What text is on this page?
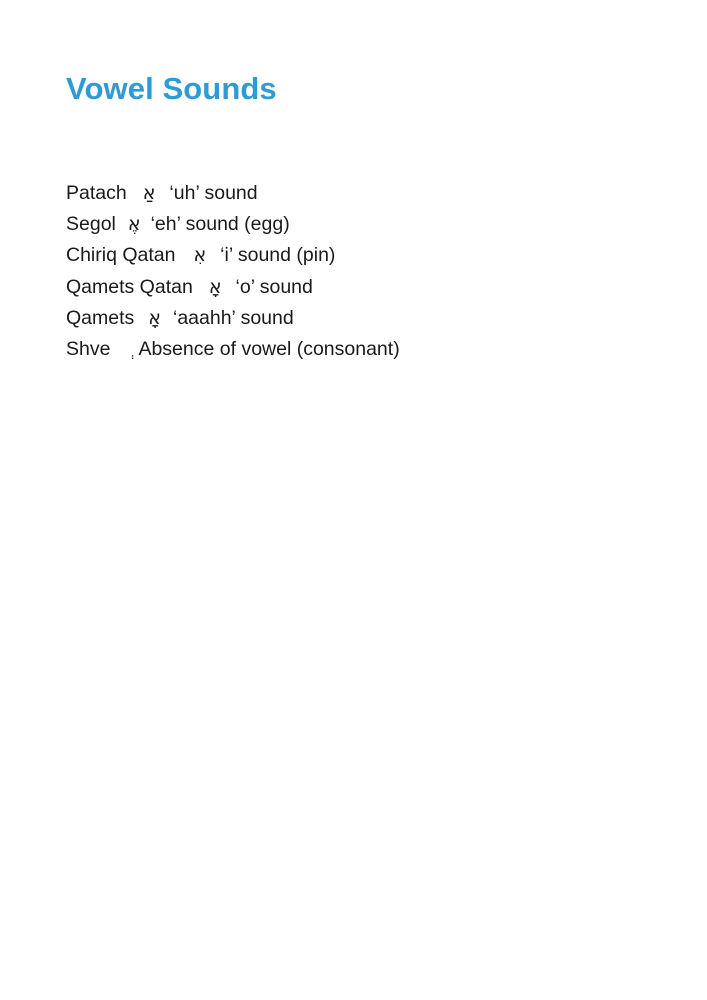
Vowel Sounds
Patach אַ ‘uh’ sound
Segol אֶ ‘eh’ sound (egg)
Chiriq Qatan אִ ‘i’ sound (pin)
Qamets Qatan אָ ‘o’ sound
Qamets אָ ‘aaahh’ sound
Shve Absence of vowel (consonant)
